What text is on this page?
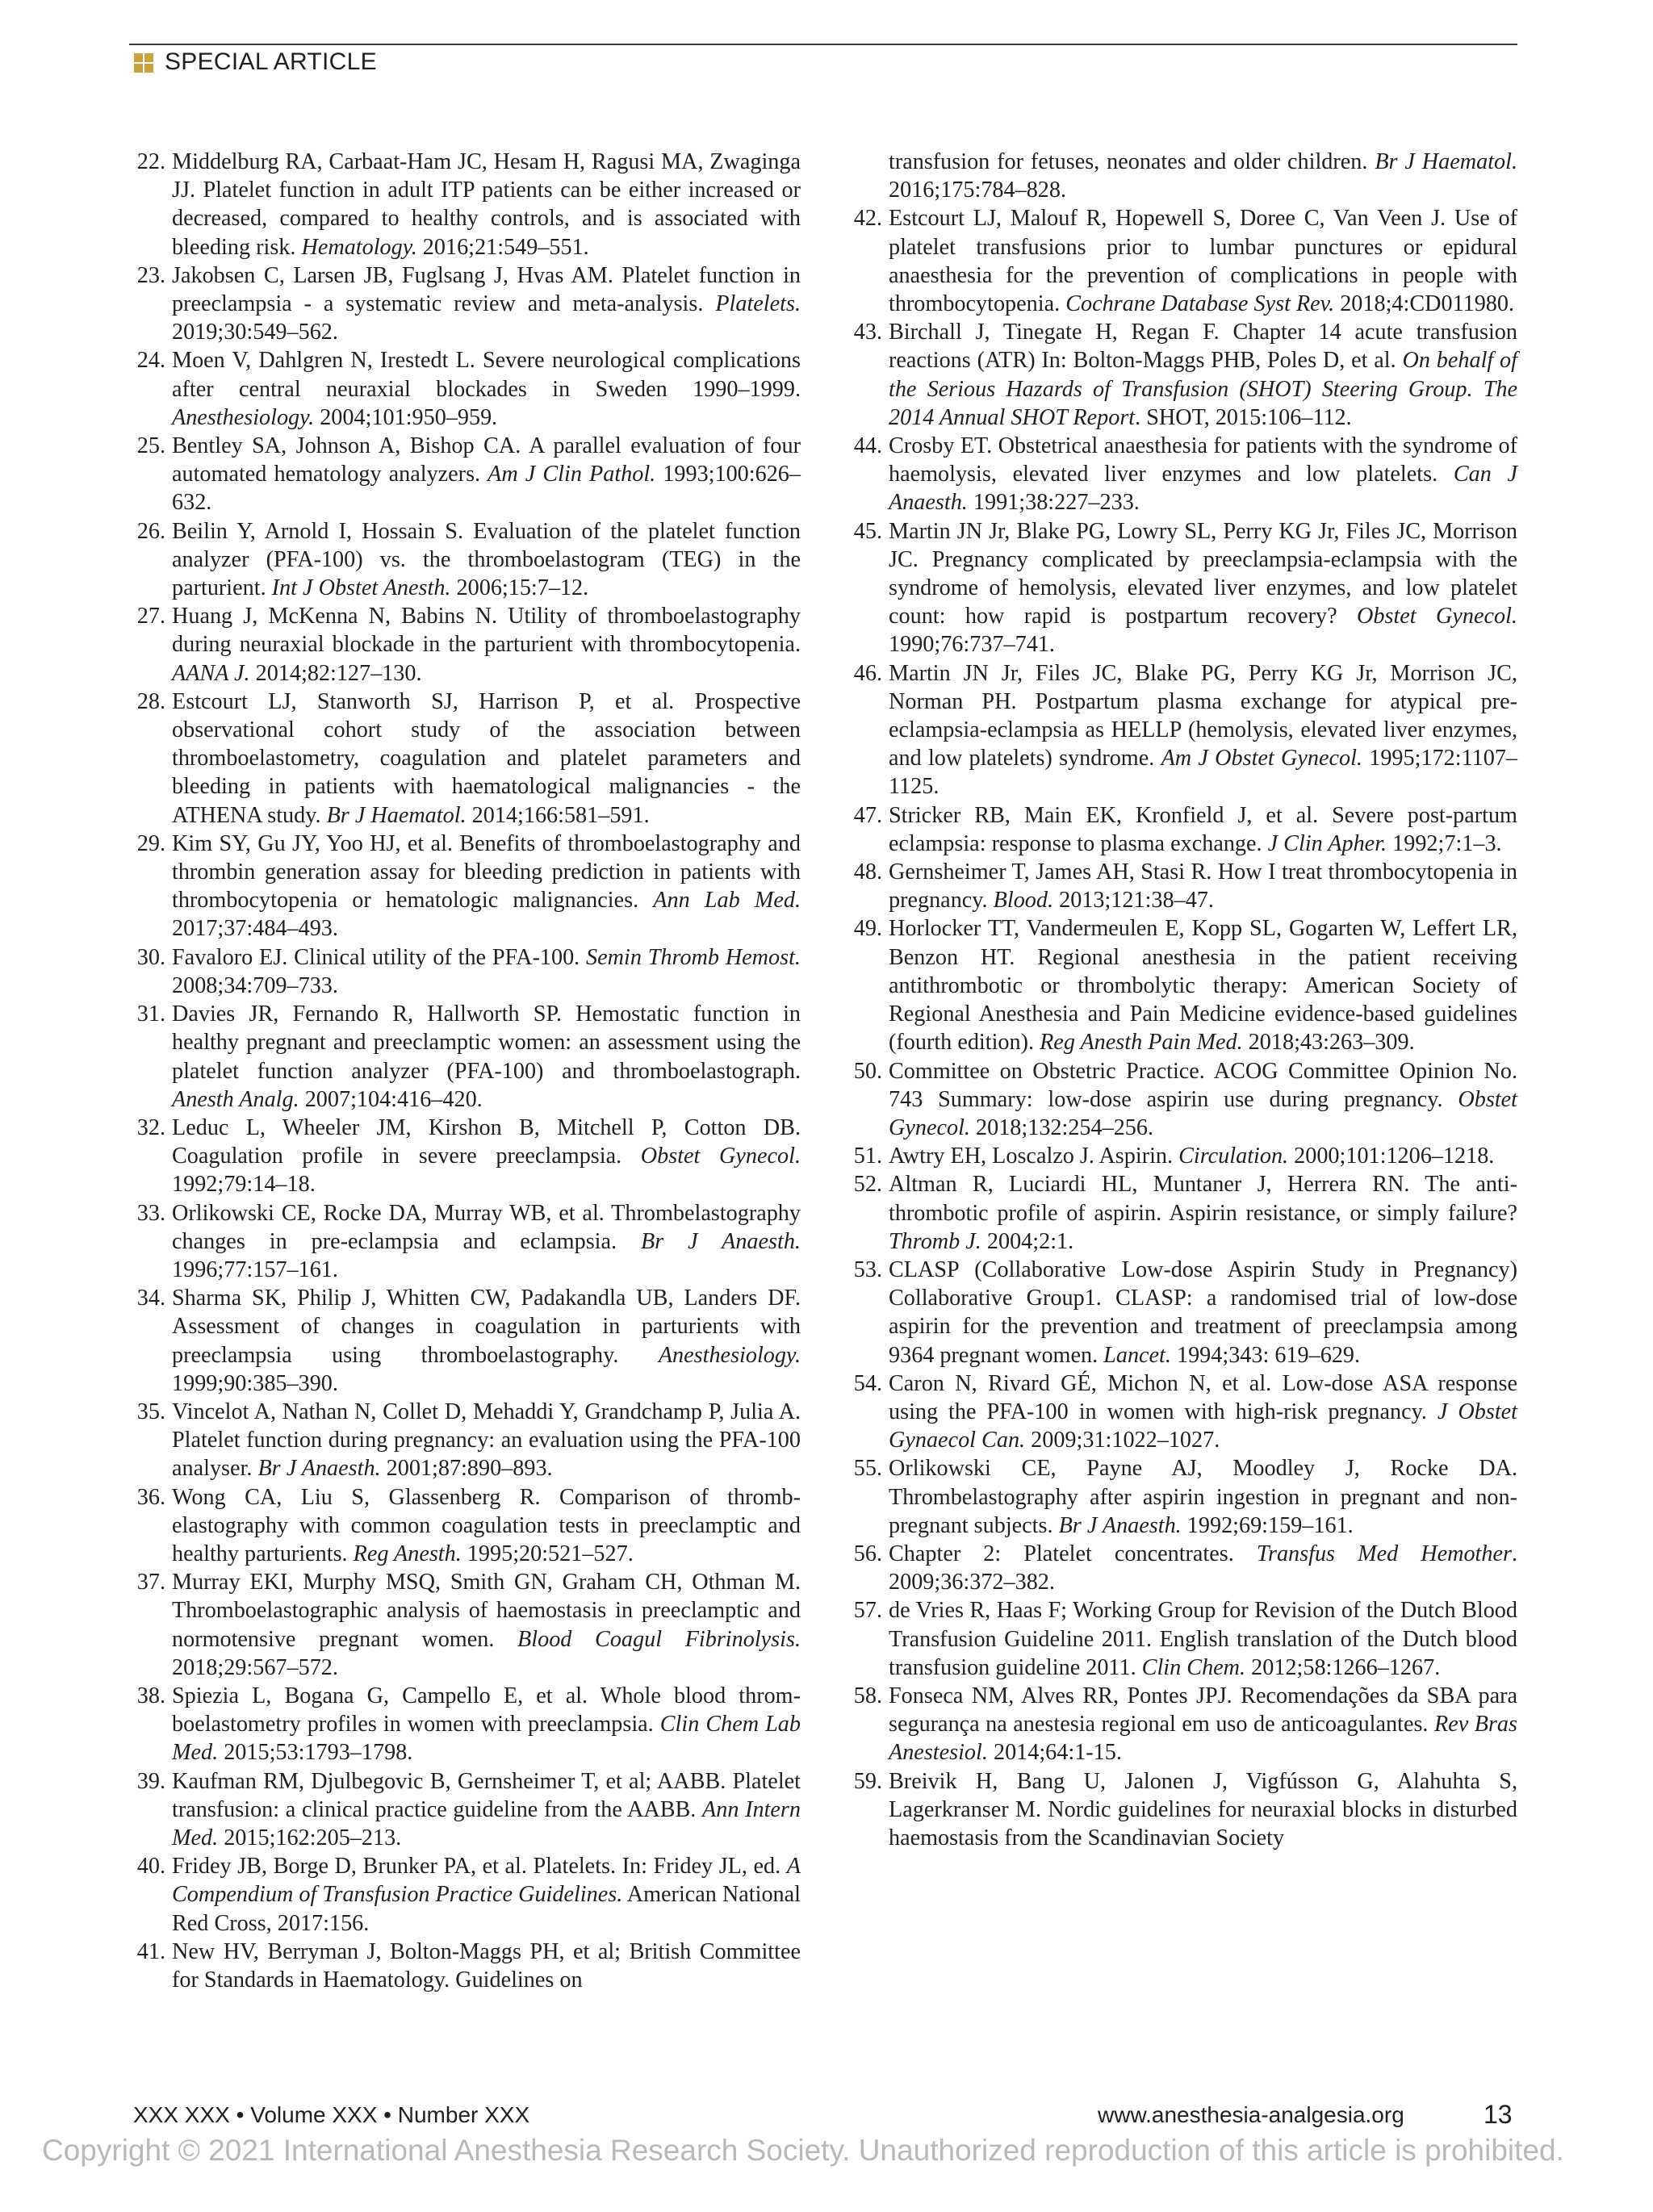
SPECIAL ARTICLE
22. Middelburg RA, Carbaat-Ham JC, Hesam H, Ragusi MA, Zwaginga JJ. Platelet function in adult ITP patients can be either increased or decreased, compared to healthy controls, and is associated with bleeding risk. Hematology. 2016;21:549–551.
23. Jakobsen C, Larsen JB, Fuglsang J, Hvas AM. Platelet function in preeclampsia - a systematic review and meta-analysis. Platelets. 2019;30:549–562.
24. Moen V, Dahlgren N, Irestedt L. Severe neurological complications after central neuraxial blockades in Sweden 1990–1999. Anesthesiology. 2004;101:950–959.
25. Bentley SA, Johnson A, Bishop CA. A parallel evaluation of four automated hematology analyzers. Am J Clin Pathol. 1993;100:626–632.
26. Beilin Y, Arnold I, Hossain S. Evaluation of the platelet function analyzer (PFA-100) vs. the thromboelastogram (TEG) in the parturient. Int J Obstet Anesth. 2006;15:7–12.
27. Huang J, McKenna N, Babins N. Utility of thromboelastography during neuraxial blockade in the parturient with thrombocytopenia. AANA J. 2014;82:127–130.
28. Estcourt LJ, Stanworth SJ, Harrison P, et al. Prospective observational cohort study of the association between thromboelastometry, coagulation and platelet parameters and bleeding in patients with haematological malignancies - the ATHENA study. Br J Haematol. 2014;166:581–591.
29. Kim SY, Gu JY, Yoo HJ, et al. Benefits of thromboelastography and thrombin generation assay for bleeding prediction in patients with thrombocytopenia or hematologic malignancies. Ann Lab Med. 2017;37:484–493.
30. Favaloro EJ. Clinical utility of the PFA-100. Semin Thromb Hemost. 2008;34:709–733.
31. Davies JR, Fernando R, Hallworth SP. Hemostatic function in healthy pregnant and preeclamptic women: an assessment using the platelet function analyzer (PFA-100) and thromboelastograph. Anesth Analg. 2007;104:416–420.
32. Leduc L, Wheeler JM, Kirshon B, Mitchell P, Cotton DB. Coagulation profile in severe preeclampsia. Obstet Gynecol. 1992;79:14–18.
33. Orlikowski CE, Rocke DA, Murray WB, et al. Thrombelastography changes in pre-eclampsia and eclampsia. Br J Anaesth. 1996;77:157–161.
34. Sharma SK, Philip J, Whitten CW, Padakandla UB, Landers DF. Assessment of changes in coagulation in parturients with preeclampsia using thromboelastography. Anesthesiology. 1999;90:385–390.
35. Vincelot A, Nathan N, Collet D, Mehaddi Y, Grandchamp P, Julia A. Platelet function during pregnancy: an evaluation using the PFA-100 analyser. Br J Anaesth. 2001;87:890–893.
36. Wong CA, Liu S, Glassenberg R. Comparison of thrombelastography with common coagulation tests in preeclamptic and healthy parturients. Reg Anesth. 1995;20:521–527.
37. Murray EKI, Murphy MSQ, Smith GN, Graham CH, Othman M. Thromboelastographic analysis of haemostasis in preeclamptic and normotensive pregnant women. Blood Coagul Fibrinolysis. 2018;29:567–572.
38. Spiezia L, Bogana G, Campello E, et al. Whole blood thromboelastometry profiles in women with preeclampsia. Clin Chem Lab Med. 2015;53:1793–1798.
39. Kaufman RM, Djulbegovic B, Gernsheimer T, et al; AABB. Platelet transfusion: a clinical practice guideline from the AABB. Ann Intern Med. 2015;162:205–213.
40. Fridey JB, Borge D, Brunker PA, et al. Platelets. In: Fridey JL, ed. A Compendium of Transfusion Practice Guidelines. American National Red Cross, 2017:156.
41. New HV, Berryman J, Bolton-Maggs PH, et al; British Committee for Standards in Haematology. Guidelines on
transfusion for fetuses, neonates and older children. Br J Haematol. 2016;175:784–828.
42. Estcourt LJ, Malouf R, Hopewell S, Doree C, Van Veen J. Use of platelet transfusions prior to lumbar punctures or epidural anaesthesia for the prevention of complications in people with thrombocytopenia. Cochrane Database Syst Rev. 2018;4:CD011980.
43. Birchall J, Tinegate H, Regan F. Chapter 14 acute transfusion reactions (ATR) In: Bolton-Maggs PHB, Poles D, et al. On behalf of the Serious Hazards of Transfusion (SHOT) Steering Group. The 2014 Annual SHOT Report. SHOT, 2015:106–112.
44. Crosby ET. Obstetrical anaesthesia for patients with the syndrome of haemolysis, elevated liver enzymes and low platelets. Can J Anaesth. 1991;38:227–233.
45. Martin JN Jr, Blake PG, Lowry SL, Perry KG Jr, Files JC, Morrison JC. Pregnancy complicated by preeclampsia-eclampsia with the syndrome of hemolysis, elevated liver enzymes, and low platelet count: how rapid is postpartum recovery? Obstet Gynecol. 1990;76:737–741.
46. Martin JN Jr, Files JC, Blake PG, Perry KG Jr, Morrison JC, Norman PH. Postpartum plasma exchange for atypical preeclampsia-eclampsia as HELLP (hemolysis, elevated liver enzymes, and low platelets) syndrome. Am J Obstet Gynecol. 1995;172:1107–1125.
47. Stricker RB, Main EK, Kronfield J, et al. Severe post-partum eclampsia: response to plasma exchange. J Clin Apher. 1992;7:1–3.
48. Gernsheimer T, James AH, Stasi R. How I treat thrombocytopenia in pregnancy. Blood. 2013;121:38–47.
49. Horlocker TT, Vandermeulen E, Kopp SL, Gogarten W, Leffert LR, Benzon HT. Regional anesthesia in the patient receiving antithrombotic or thrombolytic therapy: American Society of Regional Anesthesia and Pain Medicine evidence-based guidelines (fourth edition). Reg Anesth Pain Med. 2018;43:263–309.
50. Committee on Obstetric Practice. ACOG Committee Opinion No. 743 Summary: low-dose aspirin use during pregnancy. Obstet Gynecol. 2018;132:254–256.
51. Awtry EH, Loscalzo J. Aspirin. Circulation. 2000;101:1206–1218.
52. Altman R, Luciardi HL, Muntaner J, Herrera RN. The antithrombotic profile of aspirin. Aspirin resistance, or simply failure? Thromb J. 2004;2:1.
53. CLASP (Collaborative Low-dose Aspirin Study in Pregnancy) Collaborative Group1. CLASP: a randomised trial of low-dose aspirin for the prevention and treatment of preeclampsia among 9364 pregnant women. Lancet. 1994;343: 619–629.
54. Caron N, Rivard GÉ, Michon N, et al. Low-dose ASA response using the PFA-100 in women with high-risk pregnancy. J Obstet Gynaecol Can. 2009;31:1022–1027.
55. Orlikowski CE, Payne AJ, Moodley J, Rocke DA. Thrombelastography after aspirin ingestion in pregnant and non-pregnant subjects. Br J Anaesth. 1992;69:159–161.
56. Chapter 2: Platelet concentrates. Transfus Med Hemother. 2009;36:372–382.
57. de Vries R, Haas F; Working Group for Revision of the Dutch Blood Transfusion Guideline 2011. English translation of the Dutch blood transfusion guideline 2011. Clin Chem. 2012;58:1266–1267.
58. Fonseca NM, Alves RR, Pontes JPJ. Recomendações da SBA para segurança na anestesia regional em uso de anticoagulantes. Rev Bras Anestesiol. 2014;64:1-15.
59. Breivik H, Bang U, Jalonen J, Vigfússon G, Alahuhta S, Lagerkranser M. Nordic guidelines for neuraxial blocks in disturbed haemostasis from the Scandinavian Society
XXX XXX • Volume XXX • Number XXX	www.anesthesia-analgesia.org	13
Copyright © 2021 International Anesthesia Research Society. Unauthorized reproduction of this article is prohibited.
